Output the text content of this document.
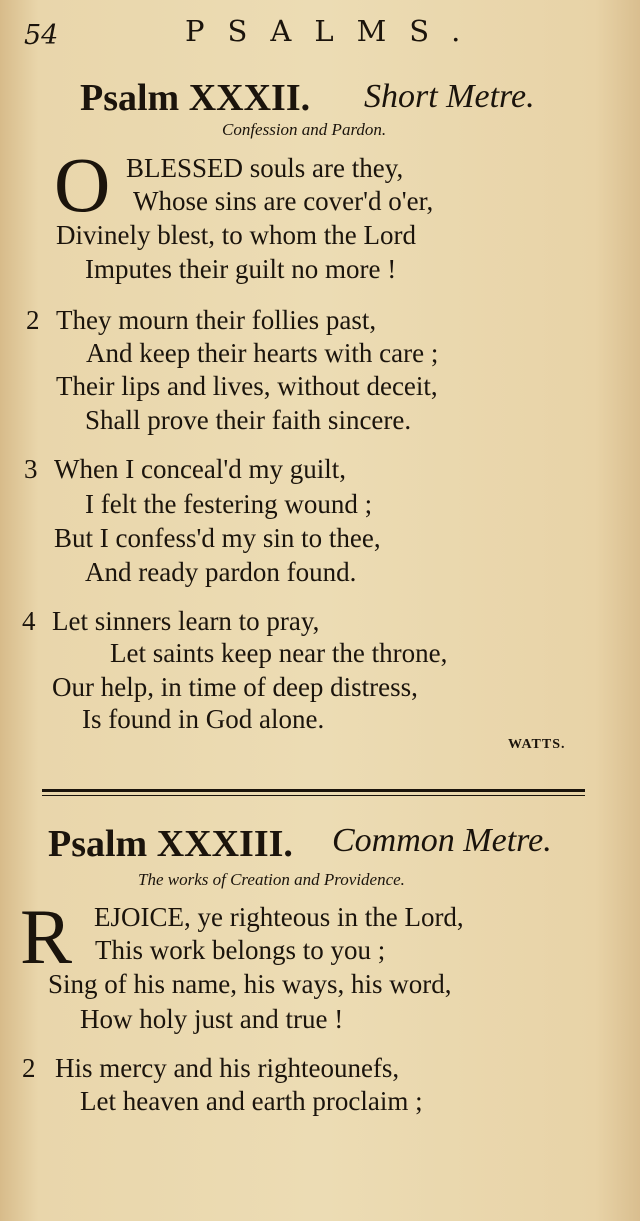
54	PSALMS.
Psalm XXXII. Short Metre.
Confession and Pardon.
O BLESSED souls are they,
Whose sins are cover'd o'er,
Divinely blest, to whom the Lord
Imputes their guilt no more !
2 They mourn their follies past,
And keep their hearts with care ;
Their lips and lives, without deceit,
Shall prove their faith sincere.
3 When I conceal'd my guilt,
I felt the festering wound ;
But I confess'd my sin to thee,
And ready pardon found.
4 Let sinners learn to pray,
Let saints keep near the throne,
Our help, in time of deep distress,
Is found in God alone.
WATTS.
Psalm XXXIII. Common Metre.
The works of Creation and Providence.
R EJOICE, ye righteous in the Lord,
This work belongs to you ;
Sing of his name, his ways, his word,
How holy just and true !
2 His mercy and his righteounefs,
Let heaven and earth proclaim ;
